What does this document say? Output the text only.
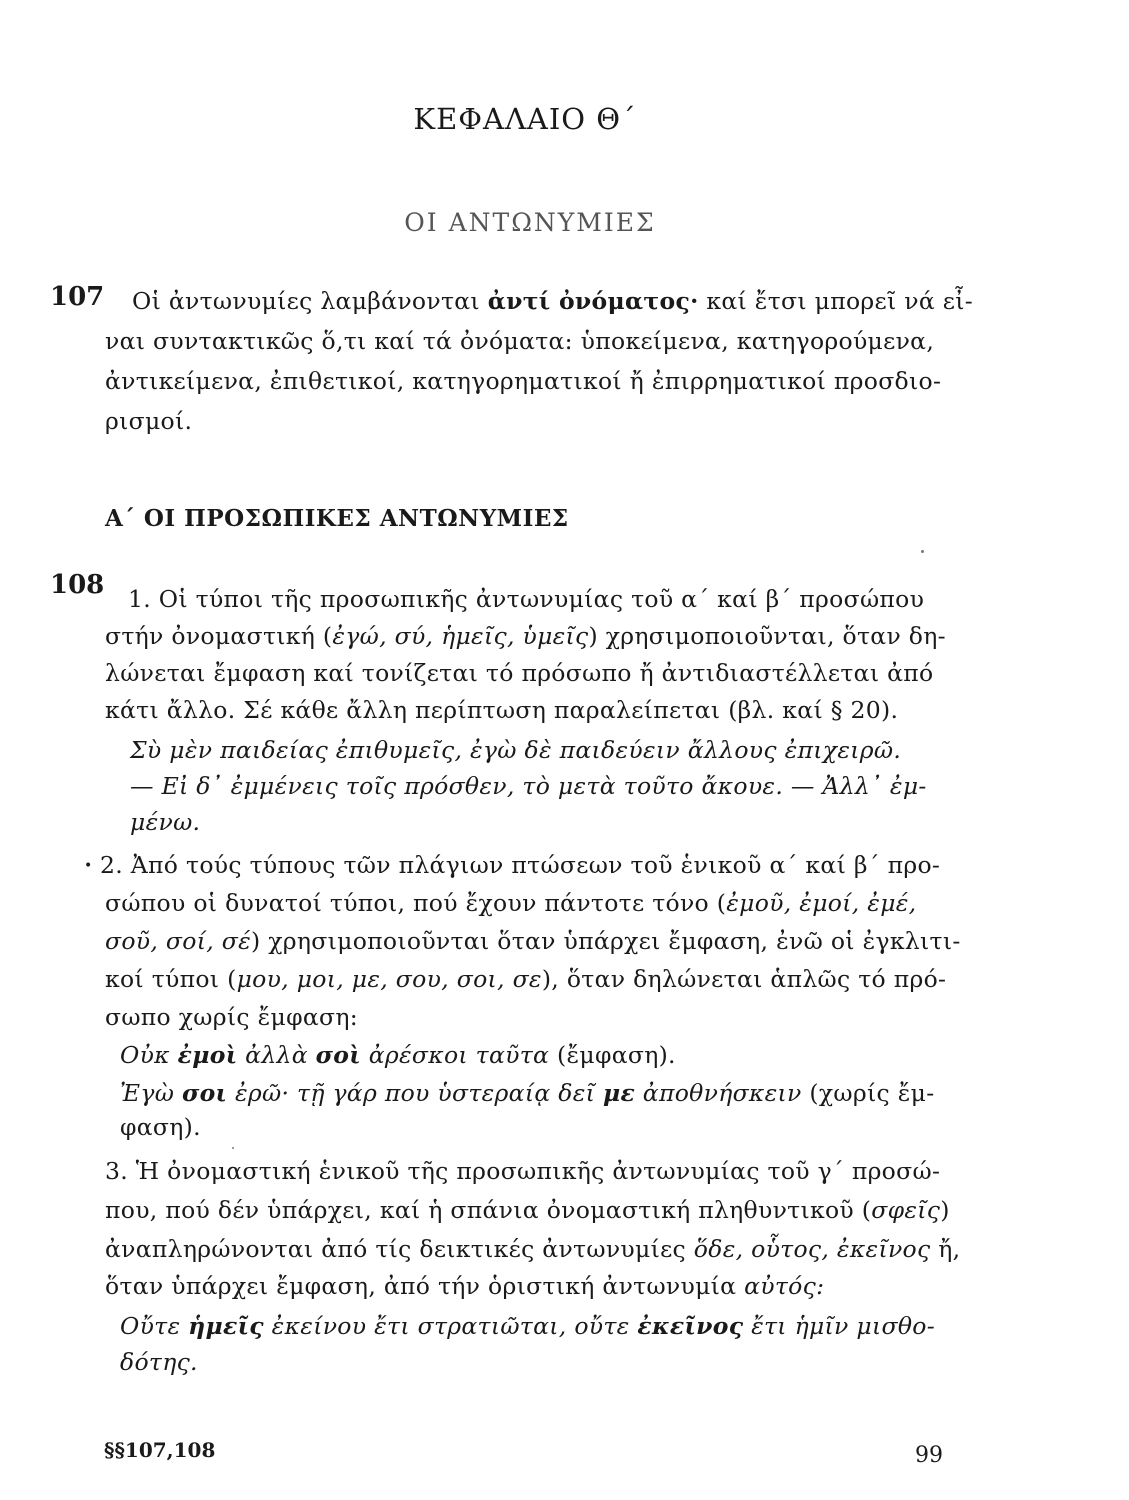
ΚΕΦΑΛΑΙΟ Θ΄
ΟΙ ΑΝΤΩΝΥΜΙΕΣ
107 Οἱ ἀντωνυμίες λαμβάνονται ἀντί ὀνόματος· καί ἔτσι μπορεῖ νά εἶ-
ναι συντακτικῶς ὅ,τι καί τά ὀνόματα: ὑποκείμενα, κατηγορούμενα,
ἀντικείμενα, ἐπιθετικοί, κατηγορηματικοί ἤ ἐπιρρηματικοί προσδιο-
ρισμοί.
Α΄ ΟΙ ΠΡΟΣΩΠΙΚΕΣ ΑΝΤΩΝΥΜΙΕΣ
108 1. Οἱ τύποι τῆς προσωπικῆς ἀντωνυμίας τοῦ α΄ καί β΄ προσώπου
στήν ὀνομαστική (ἐγώ, σύ, ἡμεῖς, ὑμεῖς) χρησιμοποιοῦνται, ὅταν δη-
λώνεται ἔμφαση καί τονίζεται τό πρόσωπο ἤ ἀντιδιαστέλλεται ἀπό
κάτι ἄλλο. Σέ κάθε ἄλλη περίπτωση παραλείπεται (βλ. καί § 20).
Σὺ μὲν παιδείας ἐπιθυμεῖς, ἐγὼ δὲ παιδεύειν ἄλλους ἐπιχειρῶ.
— Εἰ δ᾽ ἐμμένεις τοῖς πρόσθεν, τὸ μετὰ τοῦτο ἄκουε. — Ἀλλ᾽ ἐμ-
μένω.
• 2. Ἀπό τούς τύπους τῶν πλάγιων πτώσεων τοῦ ἑνικοῦ α΄ καί β΄ προ-
σώπου οἱ δυνατοί τύποι, πού ἔχουν πάντοτε τόνο (ἐμοῦ, ἐμοί, ἐμέ,
σοῦ, σοί, σέ) χρησιμοποιοῦνται ὅταν ὑπάρχει ἔμφαση, ἐνῶ οἱ ἐγκλιτι-
κοί τύποι (μου, μοι, με, σου, σοι, σε), ὅταν δηλώνεται ἁπλῶς τό πρό-
σωπο χωρίς ἔμφαση:
Οὐκ ἐμοὶ ἀλλὰ σοὶ ἀρέσκοι ταῦτα (ἔμφαση).
Ἐγὼ σοι ἐρῶ· τῇ γάρ που ὑστεραίᾳ δεῖ με ἀποθνήσκειν (χωρίς ἔμ-
φαση).
3. Ἡ ὀνομαστική ἑνικοῦ τῆς προσωπικῆς ἀντωνυμίας τοῦ γ΄ προσώ-
που, πού δέν ὑπάρχει, καί ἡ σπάνια ὀνομαστική πληθυντικοῦ (σφεῖς)
ἀναπληρώνονται ἀπό τίς δεικτικές ἀντωνυμίες ὅδε, οὗτος, ἐκεῖνος ἤ,
ὅταν ὑπάρχει ἔμφαση, ἀπό τήν ὁριστική ἀντωνυμία αὐτός:
Οὔτε ἡμεῖς ἐκείνου ἔτι στρατιῶται, οὔτε ἐκεῖνος ἔτι ἡμῖν μισθο-
δότης.
§§107,108	99
